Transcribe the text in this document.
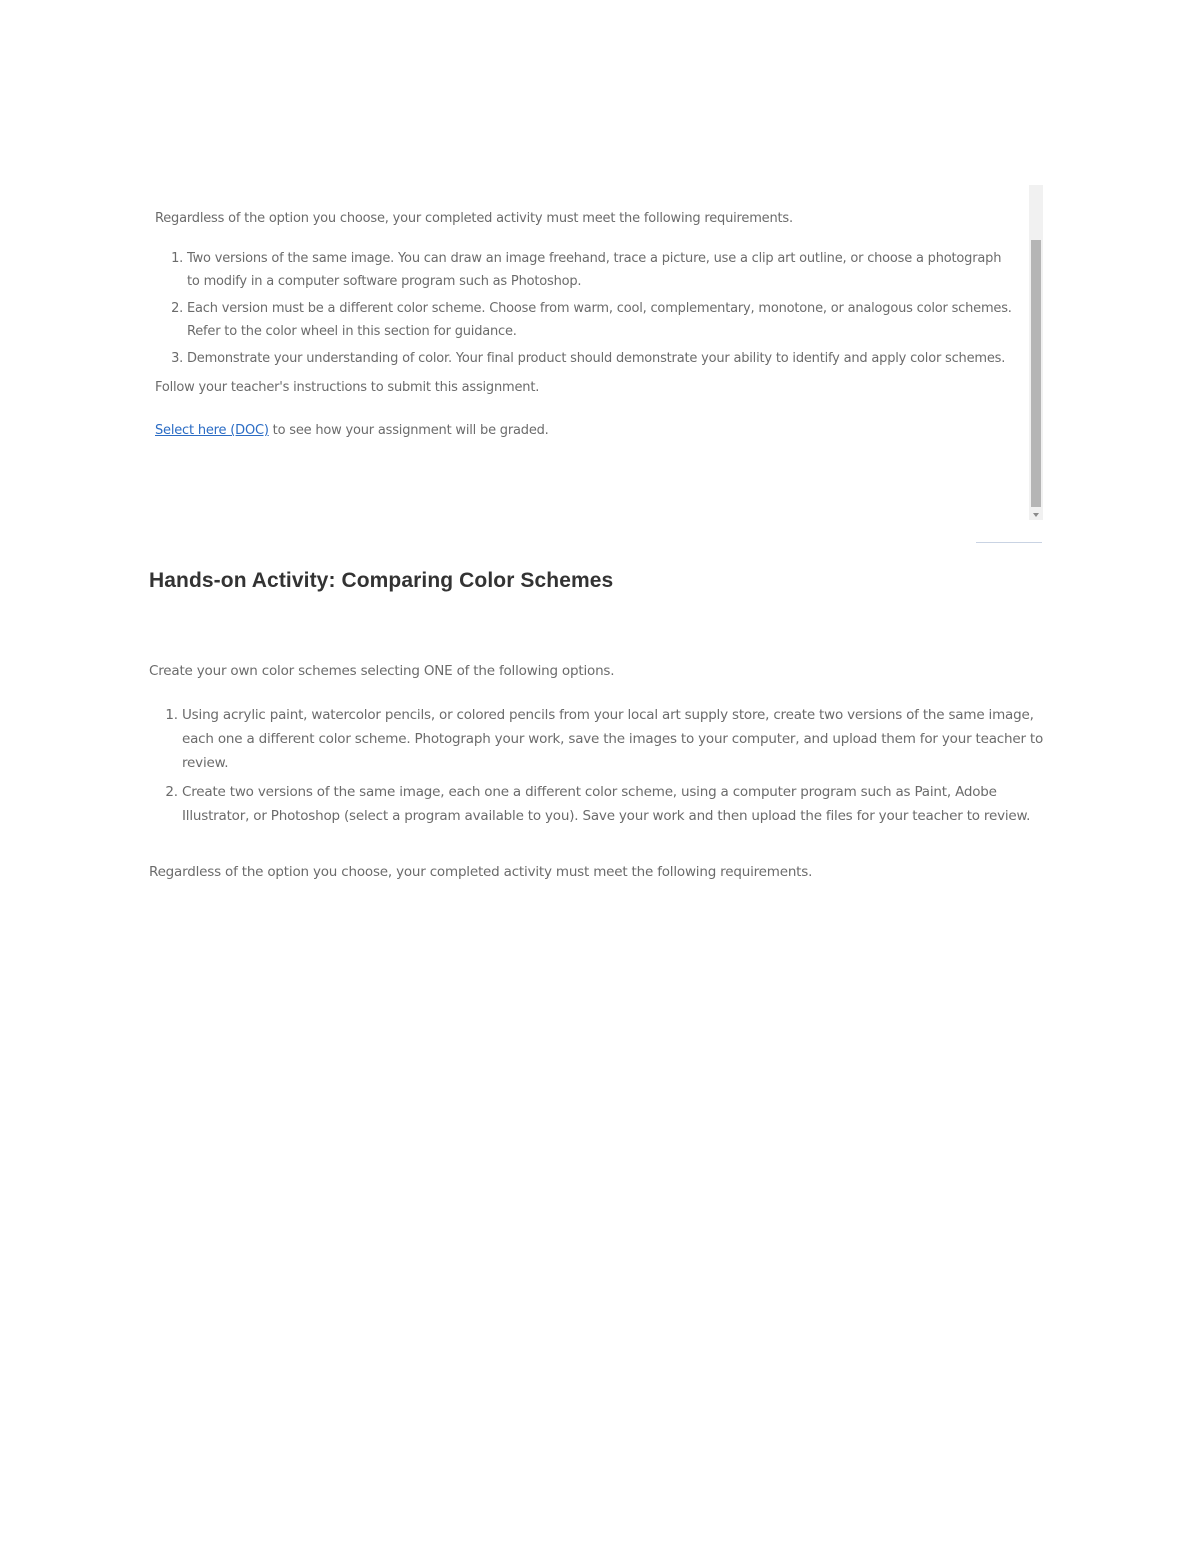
Regardless of the option you choose, your completed activity must meet the following requirements.

1. Two versions of the same image. You can draw an image freehand, trace a picture, use a clip art outline, or choose a photograph to modify in a computer software program such as Photoshop.
2. Each version must be a different color scheme. Choose from warm, cool, complementary, monotone, or analogous color schemes. Refer to the color wheel in this section for guidance.
3. Demonstrate your understanding of color. Your final product should demonstrate your ability to identify and apply color schemes.

Follow your teacher's instructions to submit this assignment.

Select here (DOC) to see how your assignment will be graded.

Hands-on Activity: Comparing Color Schemes

Create your own color schemes selecting ONE of the following options.

1. Using acrylic paint, watercolor pencils, or colored pencils from your local art supply store, create two versions of the same image, each one a different color scheme. Photograph your work, save the images to your computer, and upload them for your teacher to review.
2. Create two versions of the same image, each one a different color scheme, using a computer program such as Paint, Adobe Illustrator, or Photoshop (select a program available to you). Save your work and then upload the files for your teacher to review.

Regardless of the option you choose, your completed activity must meet the following requirements.
